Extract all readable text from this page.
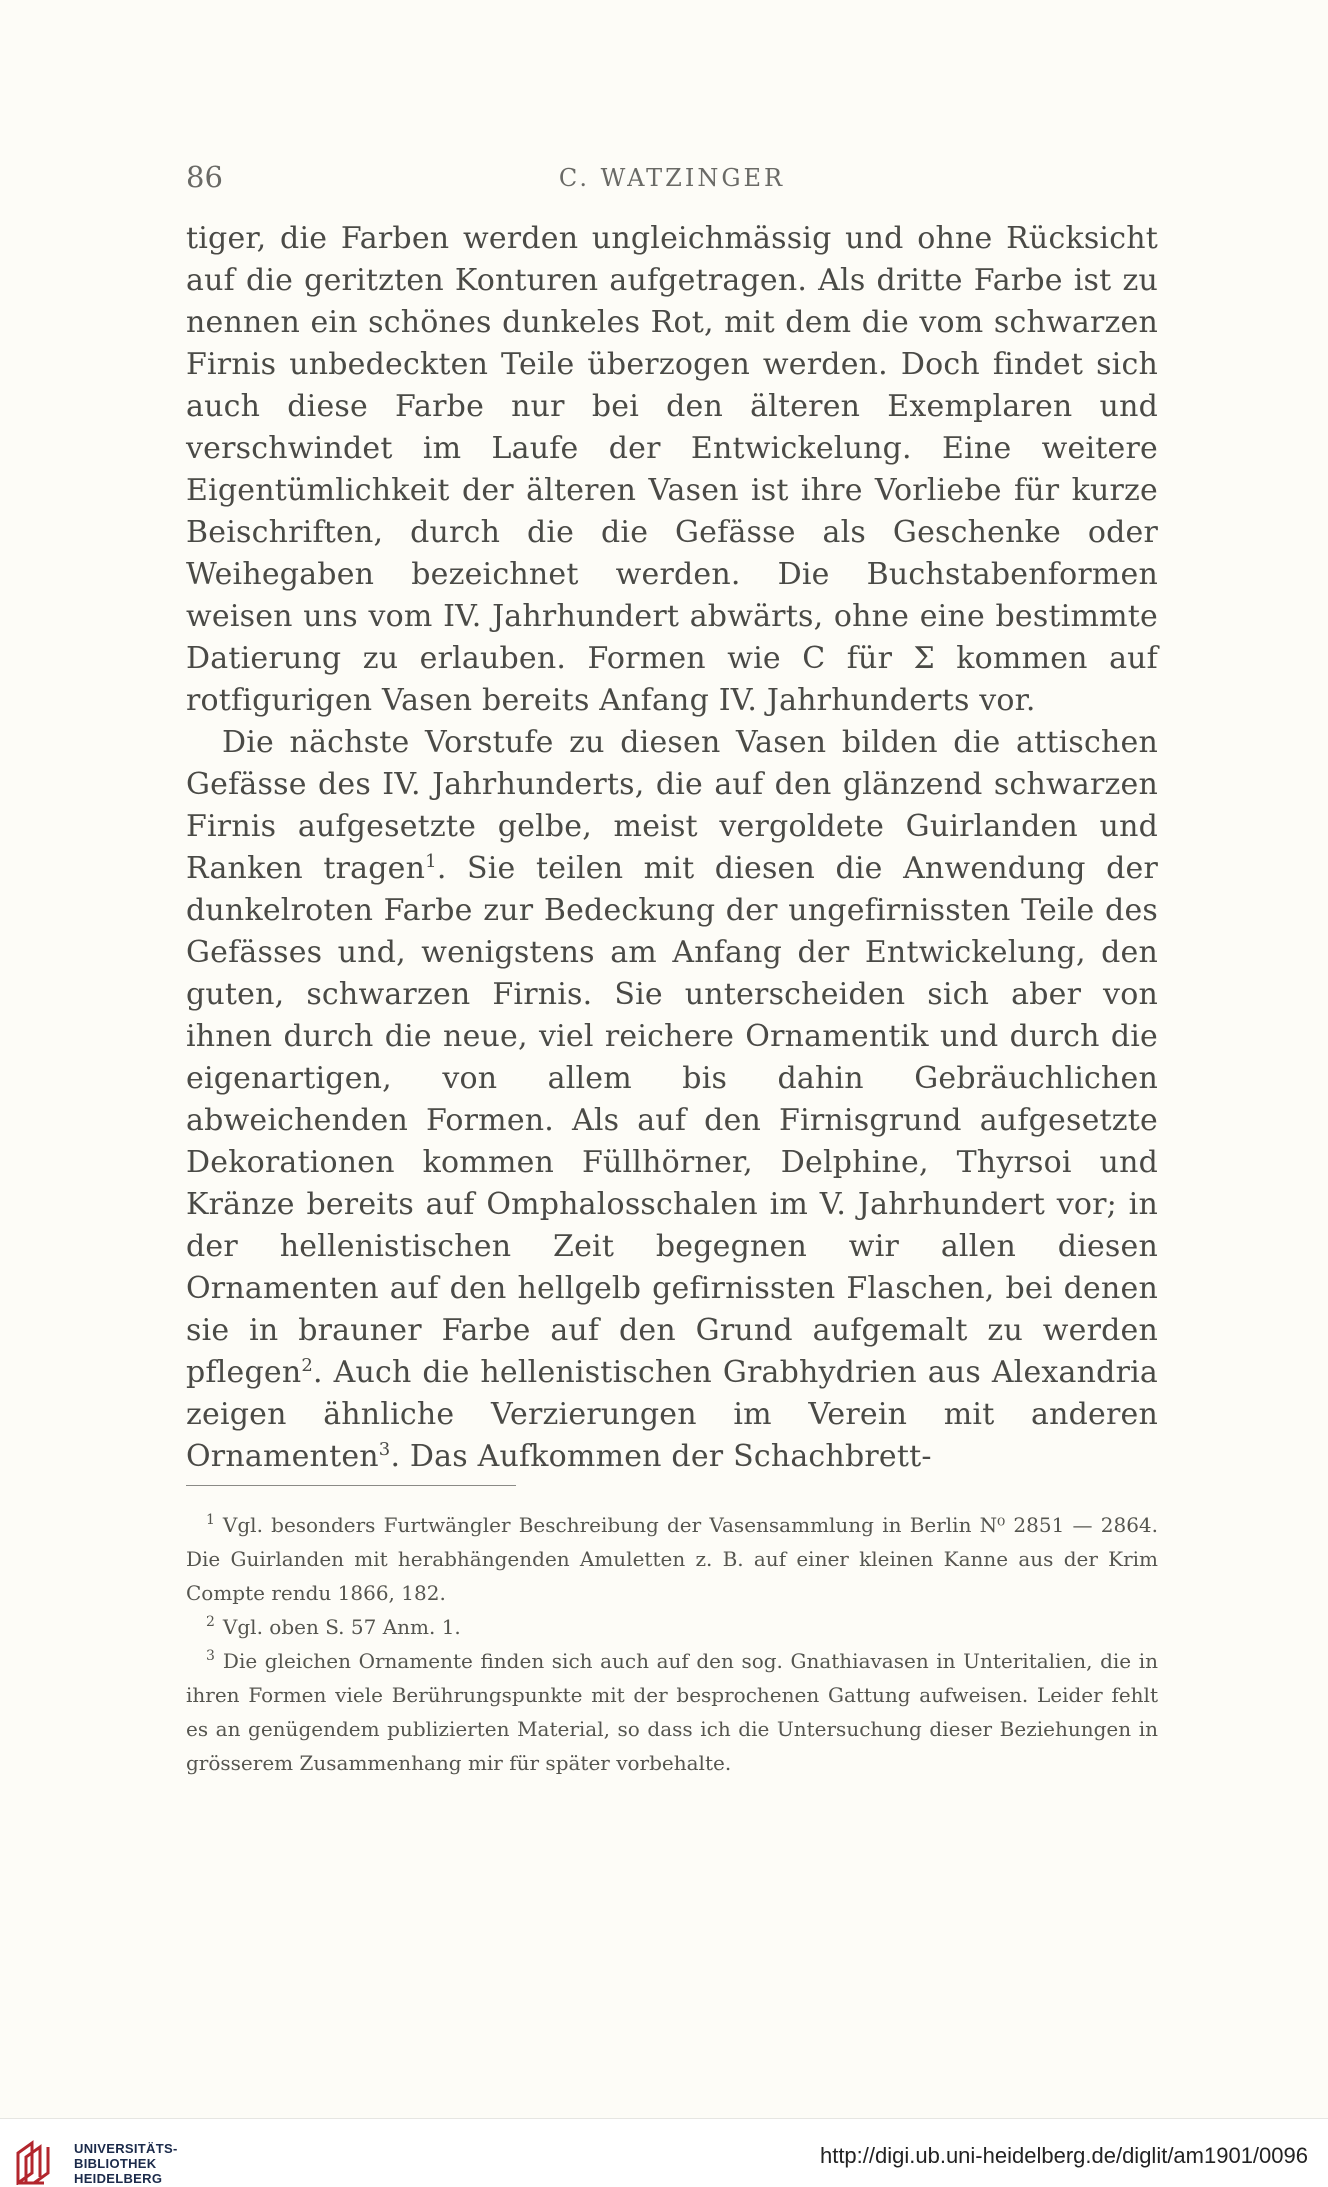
86	C. WATZINGER

tiger, die Farben werden ungleichmässig und ohne Rücksicht auf die geritzten Konturen aufgetragen. Als dritte Farbe ist zu nennen ein schönes dunkeles Rot, mit dem die vom schwarzen Firnis unbedeckten Teile überzogen werden. Doch findet sich auch diese Farbe nur bei den älteren Exemplaren und verschwindet im Laufe der Entwickelung. Eine weitere Eigentümlichkeit der älteren Vasen ist ihre Vorliebe für kurze Beischriften, durch die die Gefässe als Geschenke oder Weihegaben bezeichnet werden. Die Buchstabenformen weisen uns vom IV. Jahrhundert abwärts, ohne eine bestimmte Datierung zu erlauben. Formen wie C für Σ kommen auf rotfigurigen Vasen bereits Anfang IV. Jahrhunderts vor.

Die nächste Vorstufe zu diesen Vasen bilden die attischen Gefässe des IV. Jahrhunderts, die auf den glänzend schwarzen Firnis aufgesetzte gelbe, meist vergoldete Guirlanden und Ranken tragen$^1$. Sie teilen mit diesen die Anwendung der dunkelroten Farbe zur Bedeckung der ungefirnissten Teile des Gefässes und, wenigstens am Anfang der Entwickelung, den guten, schwarzen Firnis. Sie unterscheiden sich aber von ihnen durch die neue, viel reichere Ornamentik und durch die eigenartigen, von allem bis dahin Gebräuchlichen abweichenden Formen. Als auf den Firnisgrund aufgesetzte Dekorationen kommen Füllhörner, Delphine, Thyrsoi und Kränze bereits auf Omphalosschalen im V. Jahrhundert vor; in der hellenistischen Zeit begegnen wir allen diesen Ornamenten auf den hellgelb gefirnissten Flaschen, bei denen sie in brauner Farbe auf den Grund aufgemalt zu werden pflegen$^2$. Auch die hellenistischen Grabhydrien aus Alexandria zeigen ähnliche Verzierungen im Verein mit anderen Ornamenten$^3$. Das Aufkommen der Schachbrett-

$^1$ Vgl. besonders Furtwängler Beschreibung der Vasensammlung in Berlin N⁰ 2851 — 2864. Die Guirlanden mit herabhängenden Amuletten z. B. auf einer kleinen Kanne aus der Krim Compte rendu 1866, 182.

$^2$ Vgl. oben S. 57 Anm. 1.

$^3$ Die gleichen Ornamente finden sich auch auf den sog. Gnathiavasen in Unteritalien, die in ihren Formen viele Berührungspunkte mit der besprochenen Gattung aufweisen. Leider fehlt es an genügendem publizierten Material, so dass ich die Untersuchung dieser Beziehungen in grösserem Zusammenhang mir für später vorbehalte.

UNIVERSITÄTS-
BIBLIOTHEK
HEIDELBERG
http://digi.ub.uni-heidelberg.de/diglit/am1901/0096
